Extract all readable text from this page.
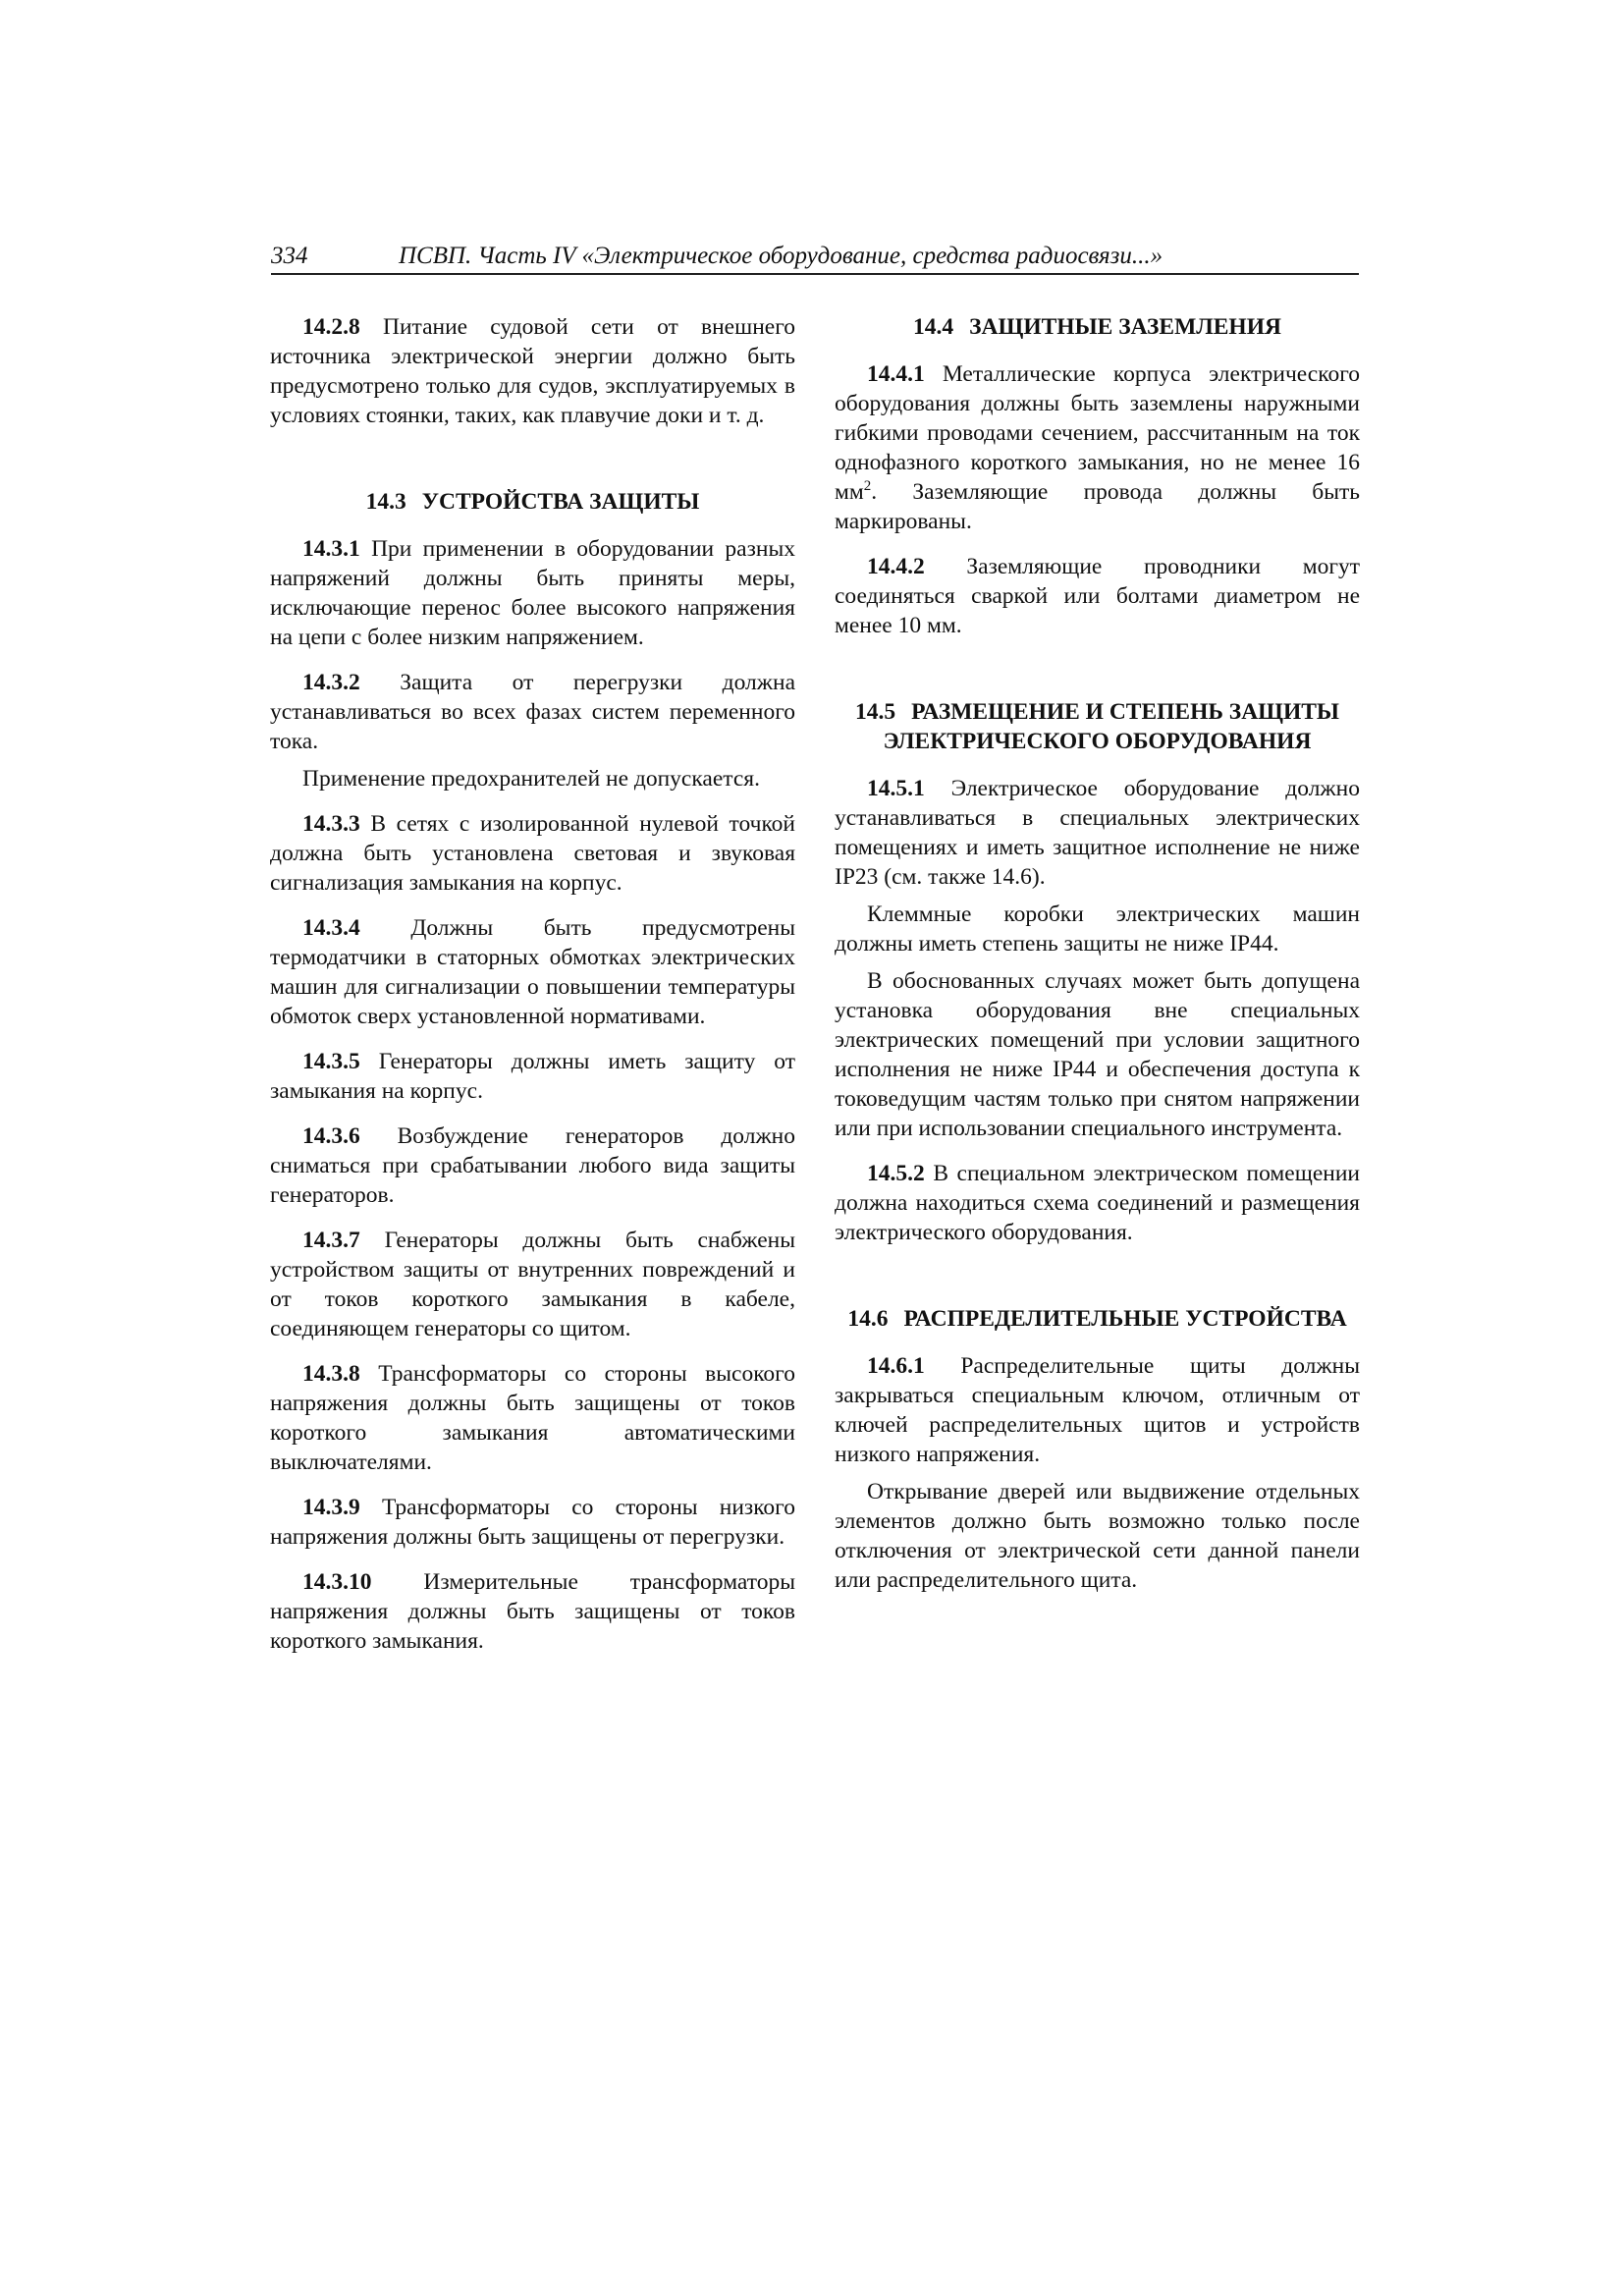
334	ПСВП. Часть IV «Электрическое оборудование, средства радиосвязи...»

14.2.8 Питание судовой сети от внешнего источника электрической энергии должно быть предусмотрено только для судов, эксплуатируемых в условиях стоянки, таких, как плавучие доки и т. д.

14.3 УСТРОЙСТВА ЗАЩИТЫ

14.3.1 При применении в оборудовании разных напряжений должны быть приняты меры, исключающие перенос более высокого напряжения на цепи с более низким напряжением.

14.3.2 Защита от перегрузки должна устанавливаться во всех фазах систем переменного тока.

Применение предохранителей не допускается.

14.3.3 В сетях с изолированной нулевой точкой должна быть установлена световая и звуковая сигнализация замыкания на корпус.

14.3.4 Должны быть предусмотрены термодатчики в статорных обмотках электрических машин для сигнализации о повышении температуры обмоток сверх установленной нормативами.

14.3.5 Генераторы должны иметь защиту от замыкания на корпус.

14.3.6 Возбуждение генераторов должно сниматься при срабатывании любого вида защиты генераторов.

14.3.7 Генераторы должны быть снабжены устройством защиты от внутренних повреждений и от токов короткого замыкания в кабеле, соединяющем генераторы со щитом.

14.3.8 Трансформаторы со стороны высокого напряжения должны быть защищены от токов короткого замыкания автоматическими выключателями.

14.3.9 Трансформаторы со стороны низкого напряжения должны быть защищены от перегрузки.

14.3.10 Измерительные трансформаторы напряжения должны быть защищены от токов короткого замыкания.

14.4 ЗАЩИТНЫЕ ЗАЗЕМЛЕНИЯ

14.4.1 Металлические корпуса электрического оборудования должны быть заземлены наружными гибкими проводами сечением, рассчитанным на ток однофазного короткого замыкания, но не менее 16 $мм^2$. Заземляющие провода должны быть маркированы.

14.4.2 Заземляющие проводники могут соединяться сваркой или болтами диаметром не менее 10 мм.

14.5 РАЗМЕЩЕНИЕ И СТЕПЕНЬ ЗАЩИТЫ ЭЛЕКТРИЧЕСКОГО ОБОРУДОВАНИЯ

14.5.1 Электрическое оборудование должно устанавливаться в специальных электрических помещениях и иметь защитное исполнение не ниже IP23 (см. также 14.6).

Клеммные коробки электрических машин должны иметь степень защиты не ниже IP44.

В обоснованных случаях может быть допущена установка оборудования вне специальных электрических помещений при условии защитного исполнения не ниже IP44 и обеспечения доступа к токоведущим частям только при снятом напряжении или при использовании специального инструмента.

14.5.2 В специальном электрическом помещении должна находиться схема соединений и размещения электрического оборудования.

14.6 РАСПРЕДЕЛИТЕЛЬНЫЕ УСТРОЙСТВА

14.6.1 Распределительные щиты должны закрываться специальным ключом, отличным от ключей распределительных щитов и устройств низкого напряжения.

Открывание дверей или выдвижение отдельных элементов должно быть возможно только после отключения от электрической сети данной панели или распределительного щита.
